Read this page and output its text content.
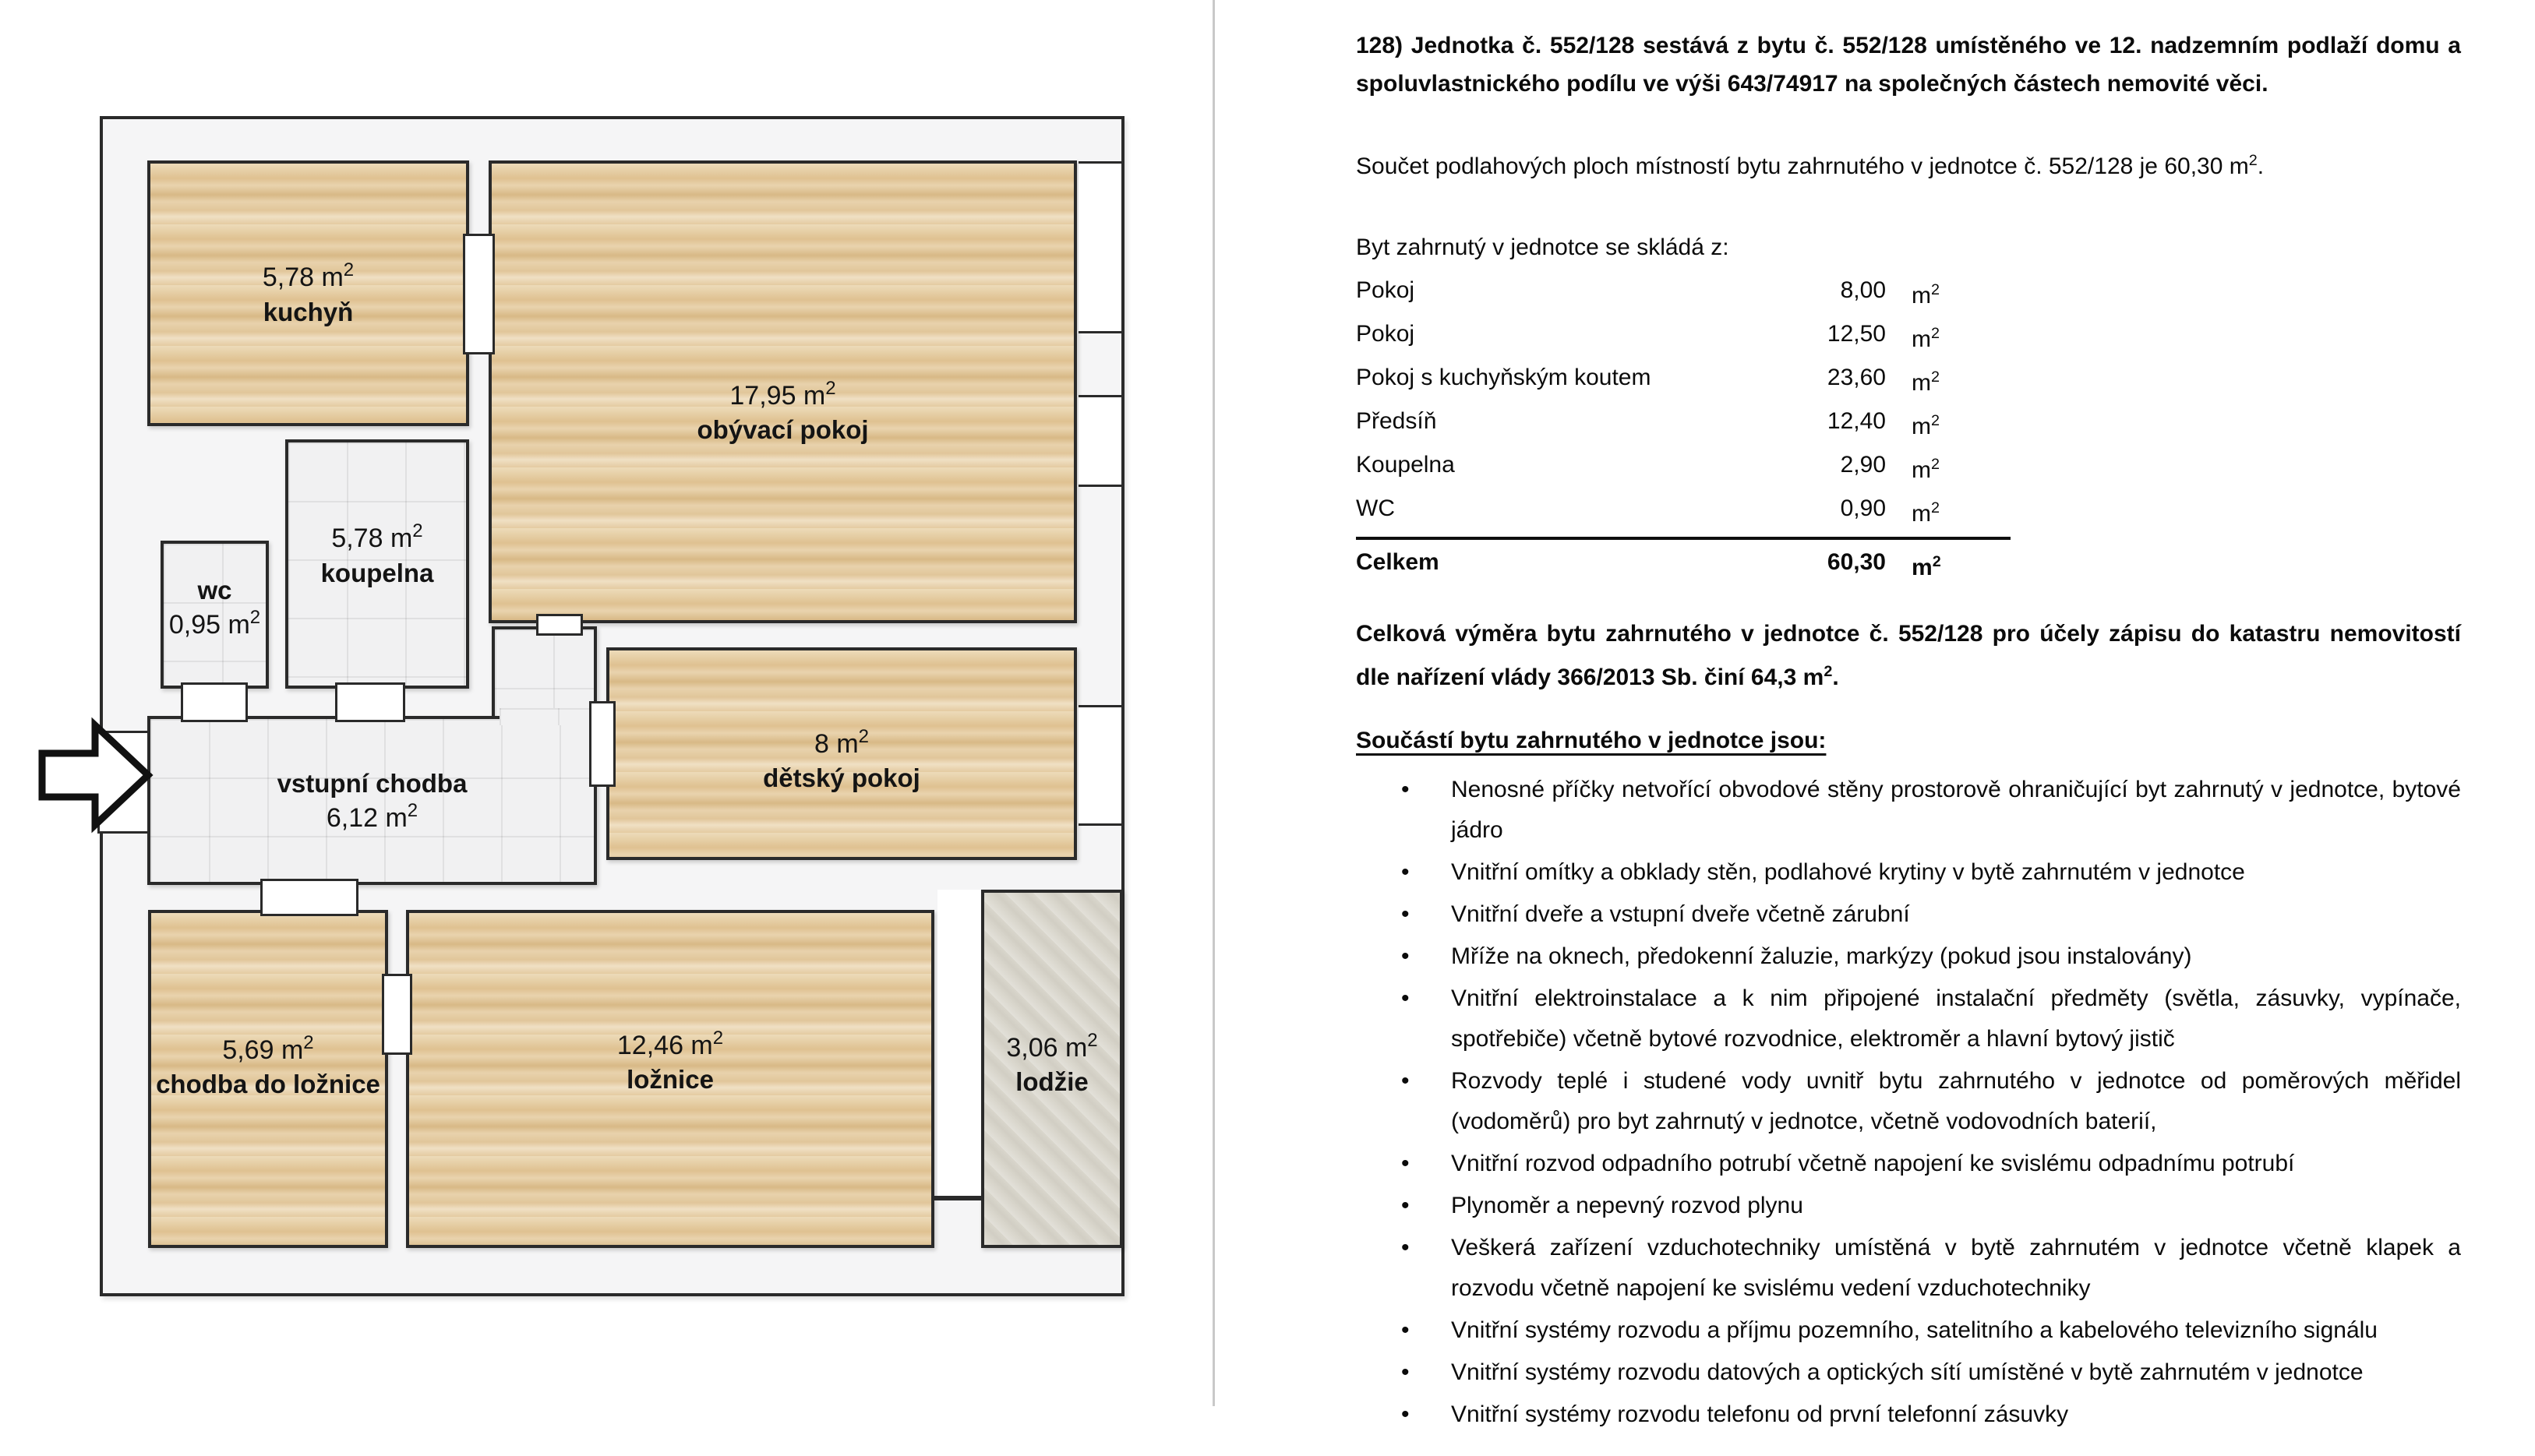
5,78 $m^2$
kuchyň
17,95 $m^2$
obývací pokoj
5,78 $m^2$
koupelna
wc
0,95 $m^2$
vstupní chodba
6,12 $m^2$
8 $m^2$
dětský pokoj
5,69 $m^2$
chodba do ložnice
12,46 $m^2$
ložnice
3,06 $m^2$
lodžie

128) Jednotka č. 552/128 sestává z bytu č. 552/128 umístěného ve 12. nadzemním podlaží domu a spoluvlastnického podílu ve výši 643/74917 na společných částech nemovité věci.

Součet podlahových ploch místností bytu zahrnutého v jednotce č. 552/128 je 60,30 $m^2$.

Byt zahrnutý v jednotce se skládá z:

Pokoj	8,00	$m^2$
Pokoj	12,50	$m^2$
Pokoj s kuchyňským koutem	23,60	$m^2$
Předsíň	12,40	$m^2$
Koupelna	2,90	$m^2$
WC	0,90	$m^2$
Celkem	60,30	$m^2$

Celková výměra bytu zahrnutého v jednotce č. 552/128 pro účely zápisu do katastru nemovitostí dle nařízení vlády 366/2013 Sb. činí 64,3 $m^2$.

Součástí bytu zahrnutého v jednotce jsou:

• Nenosné příčky netvořící obvodové stěny prostorově ohraničující byt zahrnutý v jednotce, bytové jádro
• Vnitřní omítky a obklady stěn, podlahové krytiny v bytě zahrnutém v jednotce
• Vnitřní dveře a vstupní dveře včetně zárubní
• Mříže na oknech, předokenní žaluzie, markýzy (pokud jsou instalovány)
• Vnitřní elektroinstalace a k nim připojené instalační předměty (světla, zásuvky, vypínače, spotřebiče) včetně bytové rozvodnice, elektroměr a hlavní bytový jistič
• Rozvody teplé i studené vody uvnitř bytu zahrnutého v jednotce od poměrových měřidel (vodoměrů) pro byt zahrnutý v jednotce, včetně vodovodních baterií,
• Vnitřní rozvod odpadního potrubí včetně napojení ke svislému odpadnímu potrubí
• Plynoměr a nepevný rozvod plynu
• Veškerá zařízení vzduchotechniky umístěná v bytě zahrnutém v jednotce včetně klapek a rozvodu včetně napojení ke svislému vedení vzduchotechniky
• Vnitřní systémy rozvodu a příjmu pozemního, satelitního a kabelového televizního signálu
• Vnitřní systémy rozvodu datových a optických sítí umístěné v bytě zahrnutém v jednotce
• Vnitřní systémy rozvodu telefonu od první telefonní zásuvky
